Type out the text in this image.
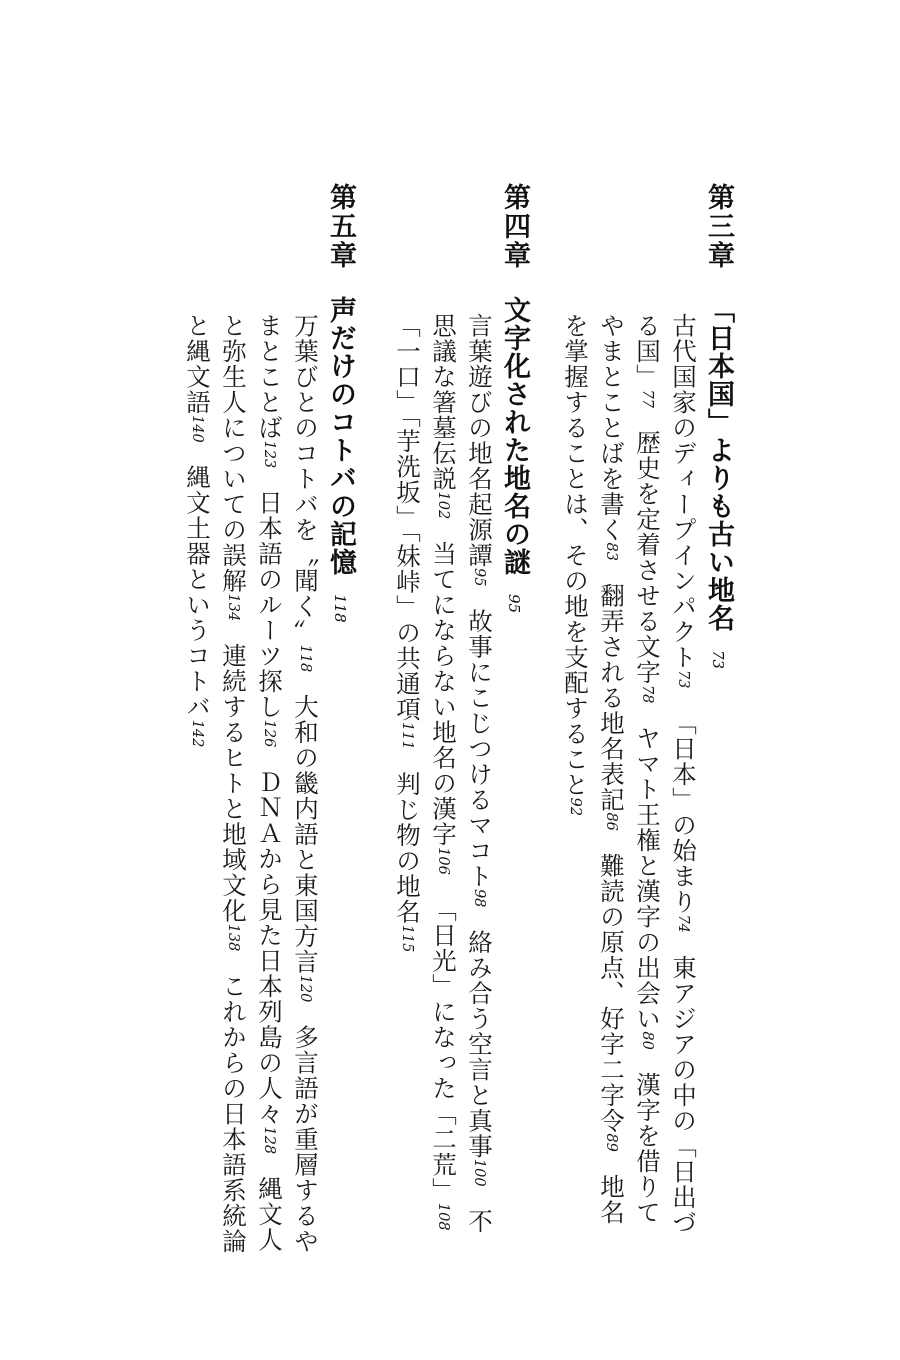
第三章
「日本国」よりも古い地名73
古代国家のディープインパクト73「日本」の始まり74東アジアの中の「日出づ
る国」77歴史を定着させる文字78ヤマト王権と漢字の出会い80漢字を借りて
やまとことばを書く83翻弄される地名表記86難読の原点、好字二字令89地名
を掌握することは、その地を支配すること92
第四章
文字化された地名の謎95
言葉遊びの地名起源譚95故事にこじつけるマコト98絡み合う空言と真事100不
思議な箸墓伝説102当てにならない地名の漢字106「日光」になった「二荒」108
「一口」「芋洗坂」「妹峠」の共通項111判じ物の地名115
第五章
声だけのコトバの記憶118
万葉びとのコトバを〝聞く〟118大和の畿内語と東国方言120多言語が重層するや
まとことば123日本語のルーツ探し126ＤＮＡから見た日本列島の人々128縄文人
と弥生人についての誤解134連続するヒトと地域文化138これからの日本語系統論
と縄文語140縄文土器というコトバ142
